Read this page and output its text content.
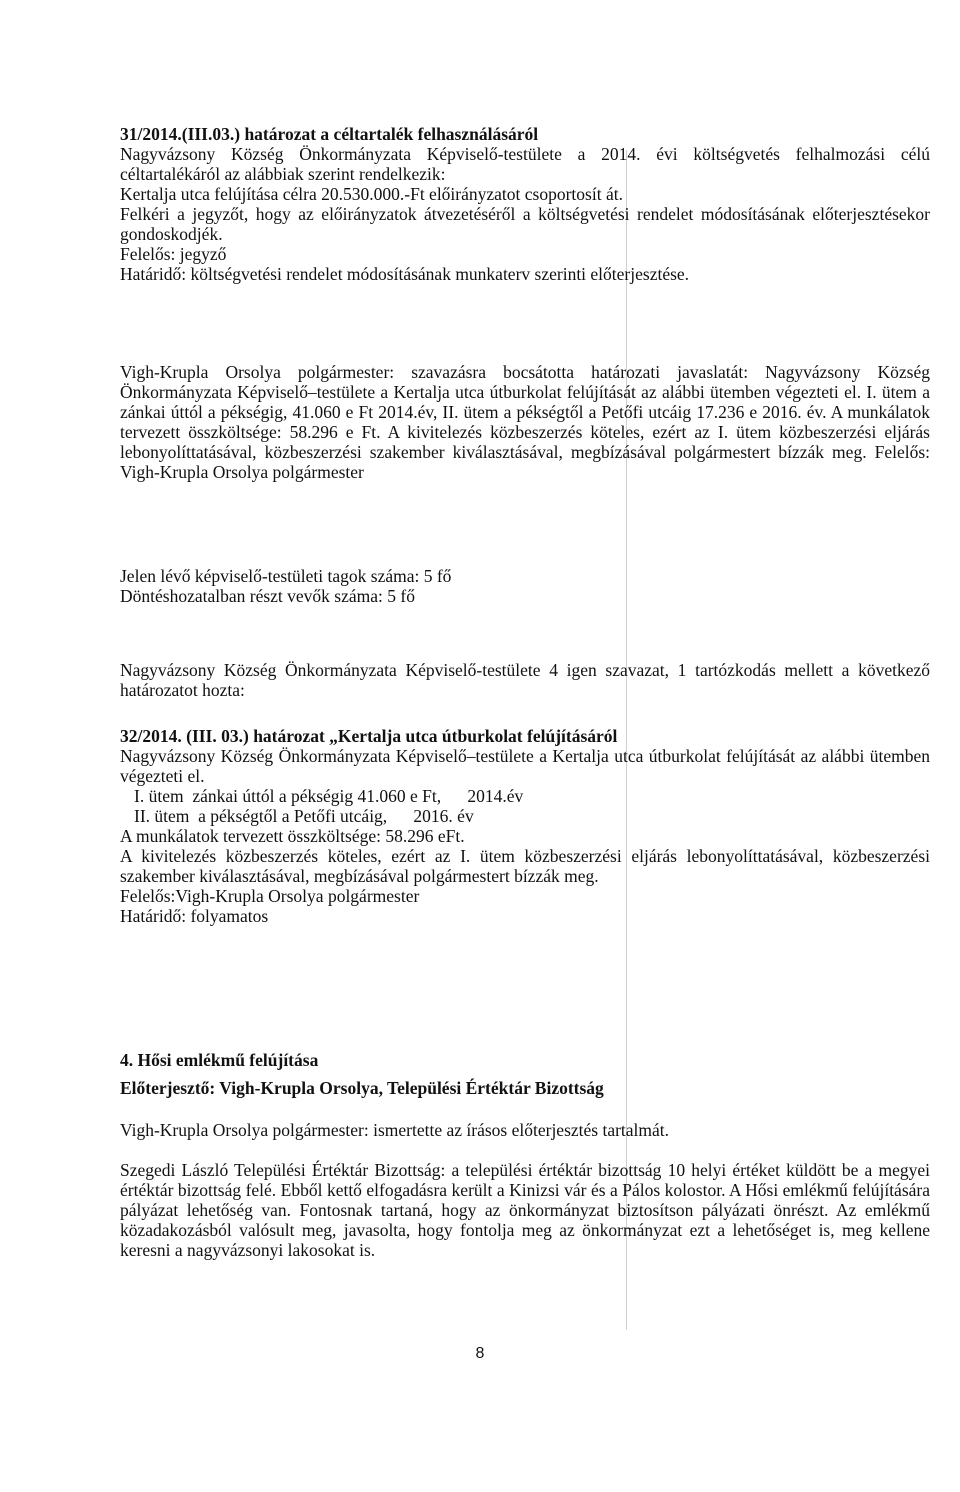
31/2014.(III.03.) határozat a céltartalék felhasználásáról

Nagyvázsony Község Önkormányzata Képviselő-testülete a 2014. évi költségvetés felhalmozási célú céltartalékáról az alábbiak szerint rendelkezik:

Kertalja utca felújítása célra 20.530.000.-Ft előirányzatot csoportosít át.

Felkéri a jegyzőt, hogy az előirányzatok átvezetéséről a költségvetési rendelet módosításának előterjesztésekor gondoskodjék.

Felelős: jegyző

Határidő: költségvetési rendelet módosításának munkaterv szerinti előterjesztése.

Vigh-Krupla Orsolya polgármester: szavazásra bocsátotta határozati javaslatát: Nagyvázsony Község Önkormányzata Képviselő–testülete a Kertalja utca útburkolat felújítását az alábbi ütemben végezteti el. I. ütem a zánkai úttól a pékségig, 41.060 e Ft 2014.év, II. ütem a pékségtől a Petőfi utcáig 17.236 e 2016. év. A munkálatok tervezett összköltsége: 58.296 e Ft. A kivitelezés közbeszerzés köteles, ezért az I. ütem közbeszerzési eljárás lebonyolíttatásával, közbeszerzési szakember kiválasztásával, megbízásával polgármestert bízzák meg. Felelős: Vigh-Krupla Orsolya polgármester

Jelen lévő képviselő-testületi tagok száma: 5 fő

Döntéshozatalban részt vevők száma: 5 fő

Nagyvázsony Község Önkormányzata Képviselő-testülete 4 igen szavazat, 1 tartózkodás mellett a következő határozatot hozta:

32/2014. (III. 03.) határozat „Kertalja utca útburkolat felújításáról

Nagyvázsony Község Önkormányzata Képviselő–testülete a Kertalja utca útburkolat felújítását az alábbi ütemben végezteti el.

I. ütem  zánkai úttól a pékségig 41.060 e Ft,      2014.év

II. ütem  a pékségtől a Petőfi utcáig,      2016. év

A munkálatok tervezett összköltsége: 58.296 eFt.

A kivitelezés közbeszerzés köteles, ezért az I. ütem közbeszerzési eljárás lebonyolíttatásával, közbeszerzési szakember kiválasztásával, megbízásával polgármestert bízzák meg.

Felelős:Vigh-Krupla Orsolya polgármester

Határidő: folyamatos

4. Hősi emlékmű felújítása

Előterjesztő: Vigh-Krupla Orsolya, Települési Értéktár Bizottság

Vigh-Krupla Orsolya polgármester: ismertette az írásos előterjesztés tartalmát.

Szegedi László Települési Értéktár Bizottság: a települési értéktár bizottság 10 helyi értéket küldött be a megyei értéktár bizottság felé. Ebből kettő elfogadásra került a Kinizsi vár és a Pálos kolostor. A Hősi emlékmű felújítására pályázat lehetőség van. Fontosnak tartaná, hogy az önkormányzat biztosítson pályázati önrészt. Az emlékmű közadakozásból valósult meg, javasolta, hogy fontolja meg az önkormányzat ezt a lehetőséget is, meg kellene keresni a nagyvázsonyi lakosokat is.

8
